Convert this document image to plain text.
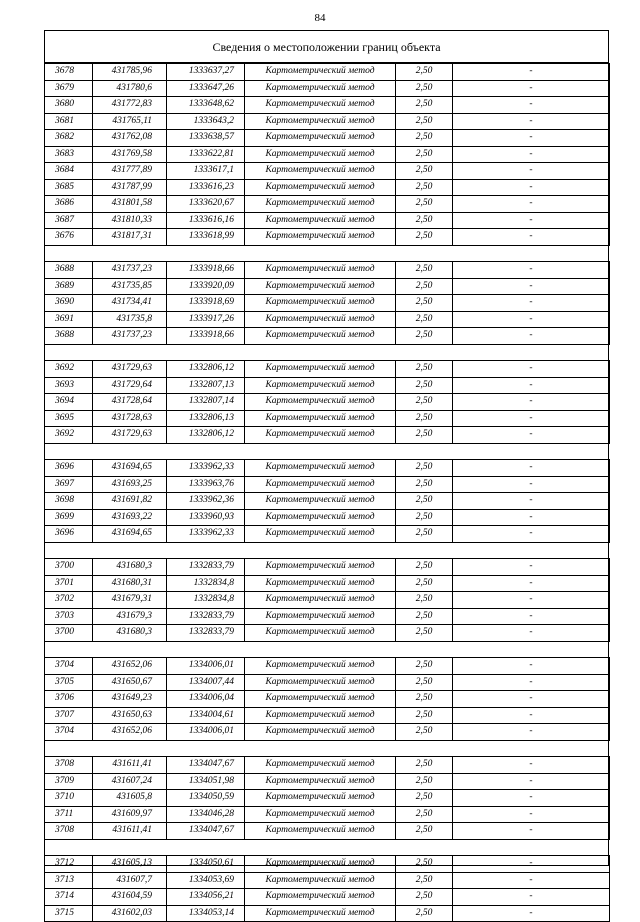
84
Сведения о местоположении границ объекта
3678	431785,96	1333637,27	Картометрический метод	2,50	-
3679	431780,6	1333647,26	Картометрический метод	2,50	-
3680	431772,83	1333648,62	Картометрический метод	2,50	-
3681	431765,11	1333643,2	Картометрический метод	2,50	-
3682	431762,08	1333638,57	Картометрический метод	2,50	-
3683	431769,58	1333622,81	Картометрический метод	2,50	-
3684	431777,89	1333617,1	Картометрический метод	2,50	-
3685	431787,99	1333616,23	Картометрический метод	2,50	-
3686	431801,58	1333620,67	Картометрический метод	2,50	-
3687	431810,33	1333616,16	Картометрический метод	2,50	-
3676	431817,31	1333618,99	Картометрический метод	2,50	-

3688	431737,23	1333918,66	Картометрический метод	2,50	-
3689	431735,85	1333920,09	Картометрический метод	2,50	-
3690	431734,41	1333918,69	Картометрический метод	2,50	-
3691	431735,8	1333917,26	Картометрический метод	2,50	-
3688	431737,23	1333918,66	Картометрический метод	2,50	-

3692	431729,63	1332806,12	Картометрический метод	2,50	-
3693	431729,64	1332807,13	Картометрический метод	2,50	-
3694	431728,64	1332807,14	Картометрический метод	2,50	-
3695	431728,63	1332806,13	Картометрический метод	2,50	-
3692	431729,63	1332806,12	Картометрический метод	2,50	-

3696	431694,65	1333962,33	Картометрический метод	2,50	-
3697	431693,25	1333963,76	Картометрический метод	2,50	-
3698	431691,82	1333962,36	Картометрический метод	2,50	-
3699	431693,22	1333960,93	Картометрический метод	2,50	-
3696	431694,65	1333962,33	Картометрический метод	2,50	-

3700	431680,3	1332833,79	Картометрический метод	2,50	-
3701	431680,31	1332834,8	Картометрический метод	2,50	-
3702	431679,31	1332834,8	Картометрический метод	2,50	-
3703	431679,3	1332833,79	Картометрический метод	2,50	-
3700	431680,3	1332833,79	Картометрический метод	2,50	-

3704	431652,06	1334006,01	Картометрический метод	2,50	-
3705	431650,67	1334007,44	Картометрический метод	2,50	-
3706	431649,23	1334006,04	Картометрический метод	2,50	-
3707	431650,63	1334004,61	Картометрический метод	2,50	-
3704	431652,06	1334006,01	Картометрический метод	2,50	-

3708	431611,41	1334047,67	Картометрический метод	2,50	-
3709	431607,24	1334051,98	Картометрический метод	2,50	-
3710	431605,8	1334050,59	Картометрический метод	2,50	-
3711	431609,97	1334046,28	Картометрический метод	2,50	-
3708	431611,41	1334047,67	Картометрический метод	2,50	-

3712	431605,13	1334050,61	Картометрический метод	2,50	-
3713	431607,7	1334053,69	Картометрический метод	2,50	-
3714	431604,59	1334056,21	Картометрический метод	2,50	-
3715	431602,03	1334053,14	Картометрический метод	2,50	-
